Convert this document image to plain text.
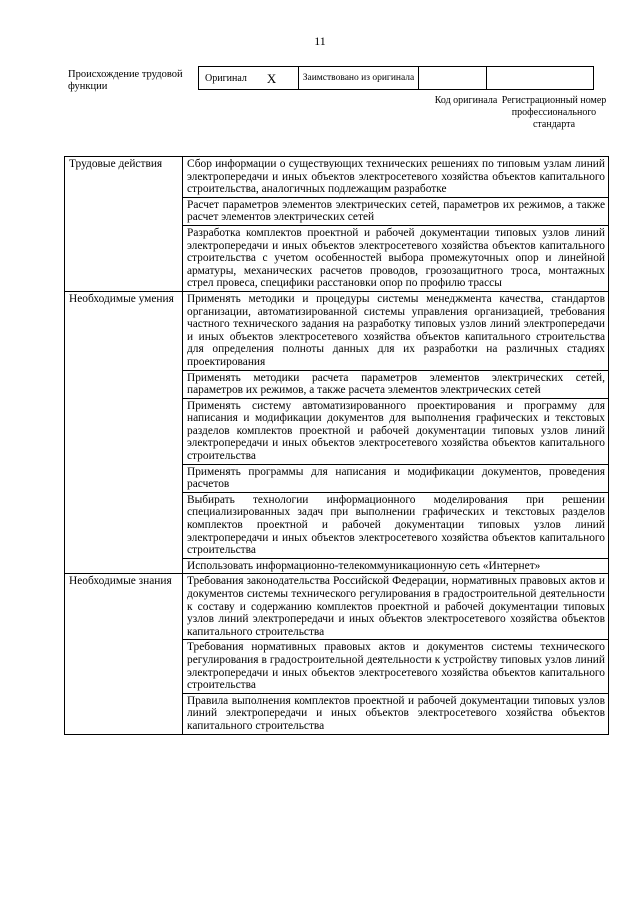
11
Происхождение трудовой функции
Оригинал X	Заимствовано из оригинала
Код оригинала Регистрационный номер профессионального стандарта
Трудовые действия	Сбор информации о существующих технических решениях по типовым узлам линий электропередачи и иных объектов электросетевого хозяйства объектов капитального строительства, аналогичных подлежащим разработке
	Расчет параметров элементов электрических сетей, параметров их режимов, а также расчет элементов электрических сетей
	Разработка комплектов проектной и рабочей документации типовых узлов линий электропередачи и иных объектов электросетевого хозяйства объектов капитального строительства с учетом особенностей выбора промежуточных опор и линейной арматуры, механических расчетов проводов, грозозащитного троса, монтажных стрел провеса, специфики расстановки опор по профилю трассы
Необходимые умения	Применять методики и процедуры системы менеджмента качества, стандартов организации, автоматизированной системы управления организацией, требования частного технического задания на разработку типовых узлов линий электропередачи и иных объектов электросетевого хозяйства объектов капитального строительства для определения полноты данных для их разработки на различных стадиях проектирования
	Применять методики расчета параметров элементов электрических сетей, параметров их режимов, а также расчета элементов электрических сетей
	Применять систему автоматизированного проектирования и программу для написания и модификации документов для выполнения графических и текстовых разделов комплектов проектной и рабочей документации типовых узлов линий электропередачи и иных объектов электросетевого хозяйства объектов капитального строительства
	Применять программы для написания и модификации документов, проведения расчетов
	Выбирать технологии информационного моделирования при решении специализированных задач при выполнении графических и текстовых разделов комплектов проектной и рабочей документации типовых узлов линий электропередачи и иных объектов электросетевого хозяйства объектов капитального строительства
	Использовать информационно-телекоммуникационную сеть «Интернет»
Необходимые знания	Требования законодательства Российской Федерации, нормативных правовых актов и документов системы технического регулирования в градостроительной деятельности к составу и содержанию комплектов проектной и рабочей документации типовых узлов линий электропередачи и иных объектов электросетевого хозяйства объектов капитального строительства
	Требования нормативных правовых актов и документов системы технического регулирования в градостроительной деятельности к устройству типовых узлов линий электропередачи и иных объектов электросетевого хозяйства объектов капитального строительства
	Правила выполнения комплектов проектной и рабочей документации типовых узлов линий электропередачи и иных объектов электросетевого хозяйства объектов капитального строительства
